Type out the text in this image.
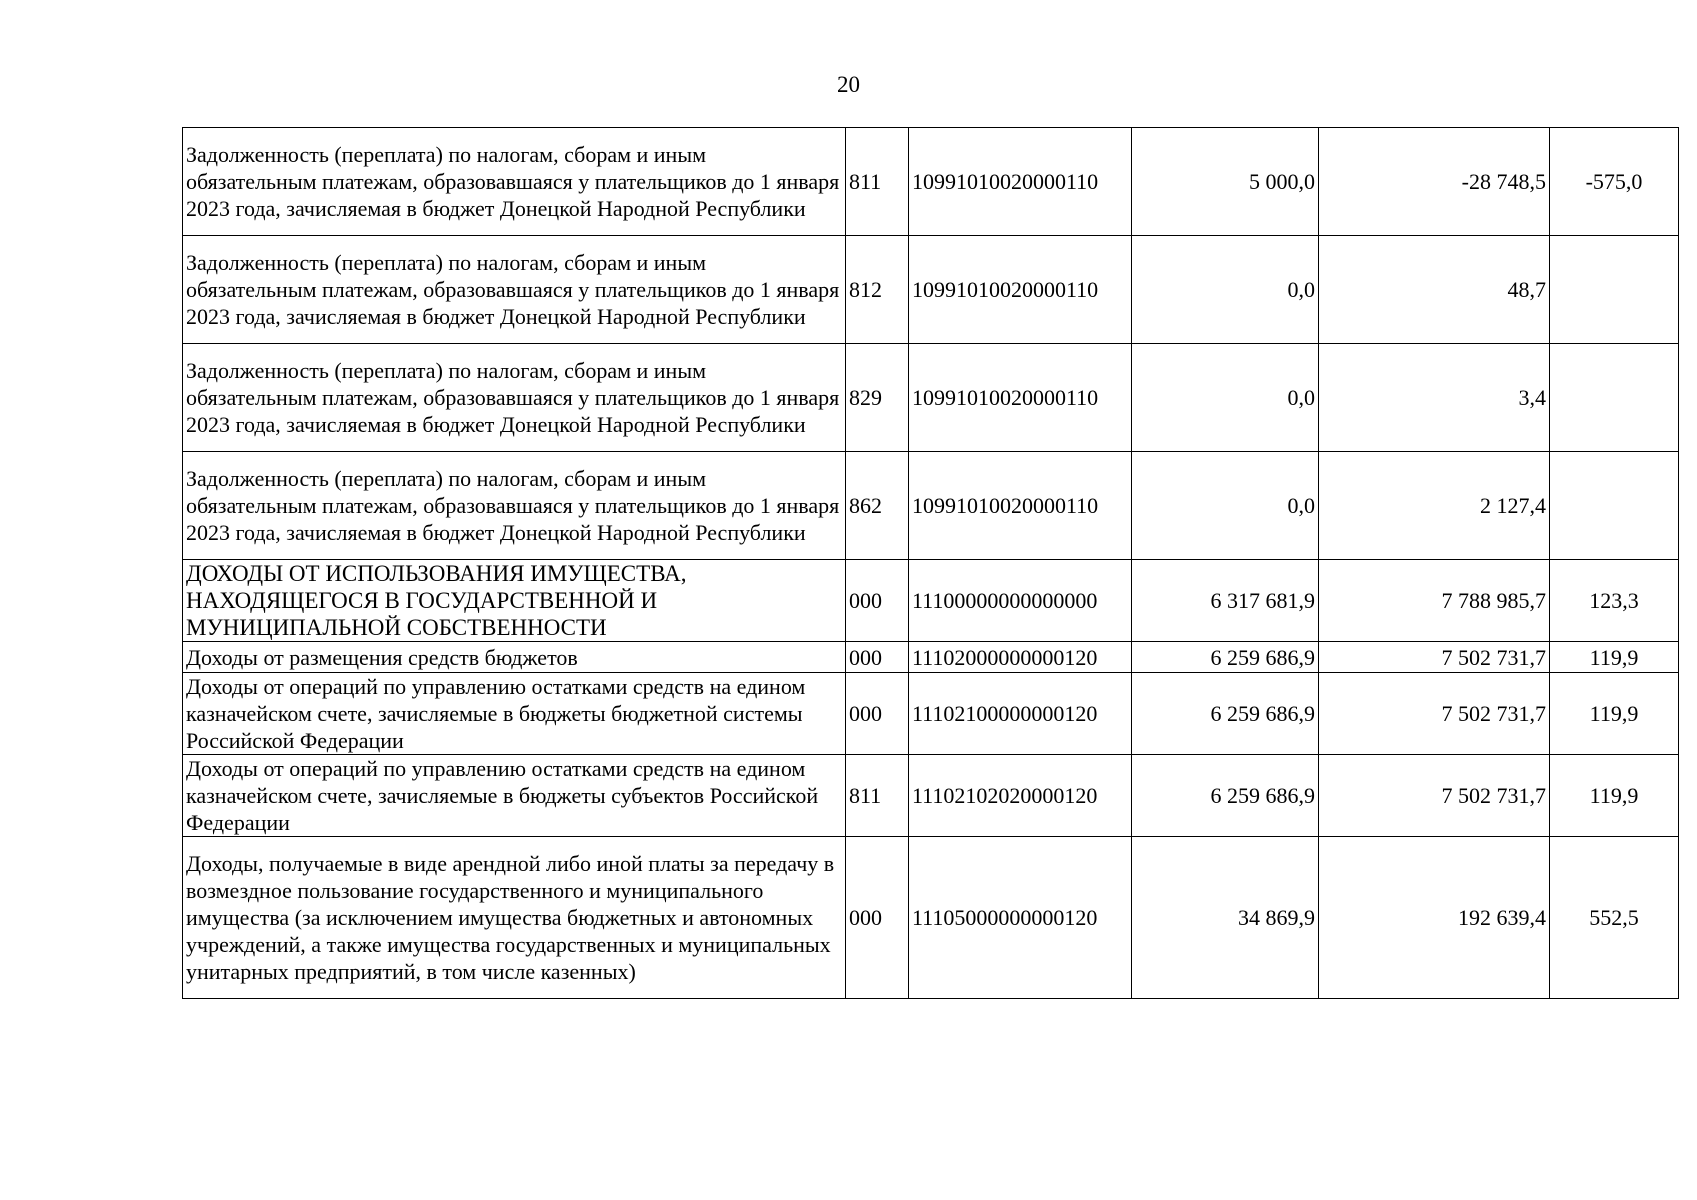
20
Задолженность (переплата) по налогам, сборам и иным обязательным платежам, образовавшаяся у плательщиков до 1 января 2023 года, зачисляемая в бюджет Донецкой Народной Республики	811	10991010020000110	5 000,0	-28 748,5	-575,0
Задолженность (переплата) по налогам, сборам и иным обязательным платежам, образовавшаяся у плательщиков до 1 января 2023 года, зачисляемая в бюджет Донецкой Народной Республики	812	10991010020000110	0,0	48,7	
Задолженность (переплата) по налогам, сборам и иным обязательным платежам, образовавшаяся у плательщиков до 1 января 2023 года, зачисляемая в бюджет Донецкой Народной Республики	829	10991010020000110	0,0	3,4	
Задолженность (переплата) по налогам, сборам и иным обязательным платежам, образовавшаяся у плательщиков до 1 января 2023 года, зачисляемая в бюджет Донецкой Народной Республики	862	10991010020000110	0,0	2 127,4	
ДОХОДЫ ОТ ИСПОЛЬЗОВАНИЯ ИМУЩЕСТВА, НАХОДЯЩЕГОСЯ В ГОСУДАРСТВЕННОЙ И МУНИЦИПАЛЬНОЙ СОБСТВЕННОСТИ	000	11100000000000000	6 317 681,9	7 788 985,7	123,3
Доходы от размещения средств бюджетов	000	11102000000000120	6 259 686,9	7 502 731,7	119,9
Доходы от операций по управлению остатками средств на едином казначейском счете, зачисляемые в бюджеты бюджетной системы Российской Федерации	000	11102100000000120	6 259 686,9	7 502 731,7	119,9
Доходы от операций по управлению остатками средств на едином казначейском счете, зачисляемые в бюджеты субъектов Российской Федерации	811	11102102020000120	6 259 686,9	7 502 731,7	119,9
Доходы, получаемые в виде арендной либо иной платы за передачу в возмездное пользование государственного и муниципального имущества (за исключением имущества бюджетных и автономных учреждений, а также имущества государственных и муниципальных унитарных предприятий, в том числе казенных)	000	11105000000000120	34 869,9	192 639,4	552,5
